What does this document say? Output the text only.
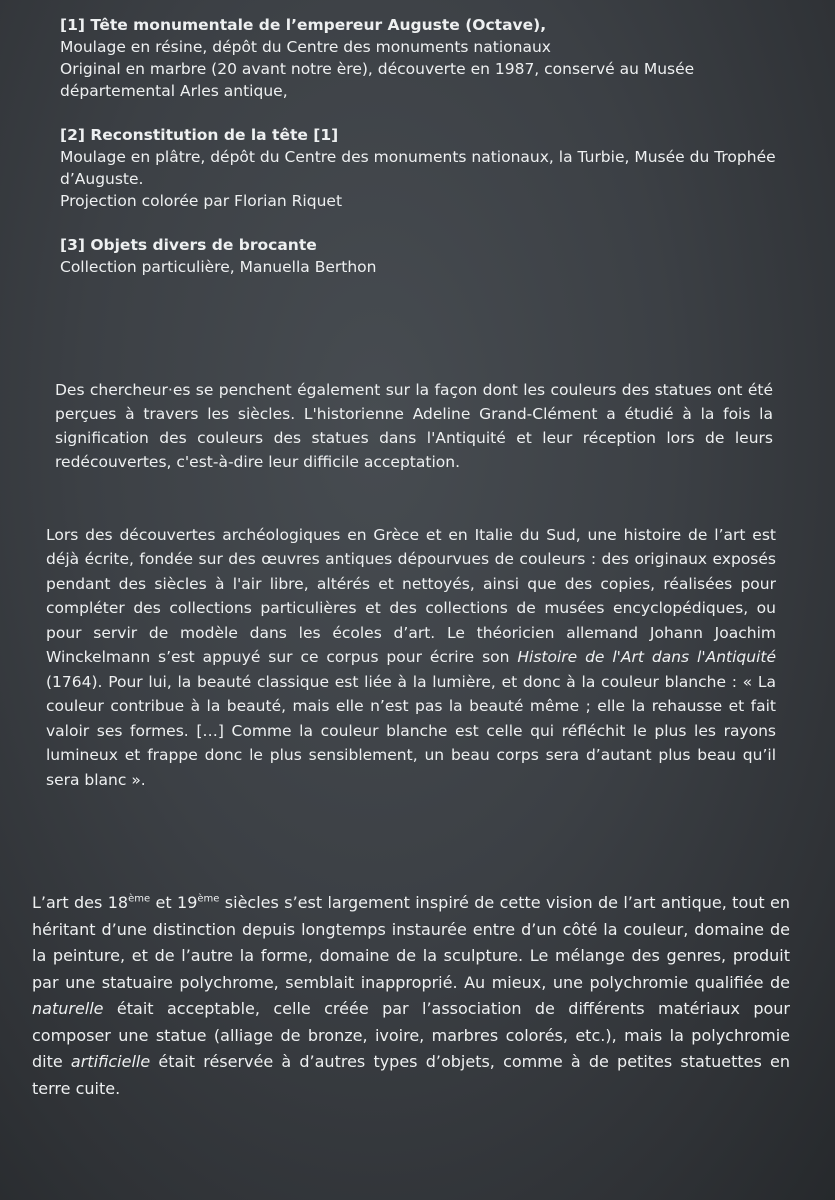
[1] Tête monumentale de l’empereur Auguste (Octave),
Moulage en résine, dépôt du Centre des monuments nationaux
Original en marbre (20 avant notre ère), découverte en 1987, conservé au Musée départemental Arles antique,
[2] Reconstitution de la tête [1]
Moulage en plâtre, dépôt du Centre des monuments nationaux, la Turbie, Musée du Trophée d’Auguste.
Projection colorée par Florian Riquet
[3] Objets divers de brocante
Collection particulière, Manuella Berthon

Des chercheur·es se penchent également sur la façon dont les couleurs des statues ont été perçues à travers les siècles. L'historienne Adeline Grand-Clément a étudié à la fois la signification des couleurs des statues dans l'Antiquité et leur réception lors de leurs redécouvertes, c'est-à-dire leur difficile acceptation.

Lors des découvertes archéologiques en Grèce et en Italie du Sud, une histoire de l’art est déjà écrite, fondée sur des œuvres antiques dépourvues de couleurs : des originaux exposés pendant des siècles à l'air libre, altérés et nettoyés, ainsi que des copies, réalisées pour compléter des collections particulières et des collections de musées encyclopédiques, ou pour servir de modèle dans les écoles d’art. Le théoricien allemand Johann Joachim Winckelmann s’est appuyé sur ce corpus pour écrire son Histoire de l'Art dans l'Antiquité (1764). Pour lui, la beauté classique est liée à la lumière, et donc à la couleur blanche : « La couleur contribue à la beauté, mais elle n’est pas la beauté même ; elle la rehausse et fait valoir ses formes. […] Comme la couleur blanche est celle qui réfléchit le plus les rayons lumineux et frappe donc le plus sensiblement, un beau corps sera d’autant plus beau qu’il sera blanc ».

L’art des 18ème et 19ème siècles s’est largement inspiré de cette vision de l’art antique, tout en héritant d’une distinction depuis longtemps instaurée entre d’un côté la couleur, domaine de la peinture, et de l’autre la forme, domaine de la sculpture. Le mélange des genres, produit par une statuaire polychrome, semblait inapproprié. Au mieux, une polychromie qualifiée de naturelle était acceptable, celle créée par l’association de différents matériaux pour composer une statue (alliage de bronze, ivoire, marbres colorés, etc.), mais la polychromie dite artificielle était réservée à d’autres types d’objets, comme à de petites statuettes en terre cuite.
